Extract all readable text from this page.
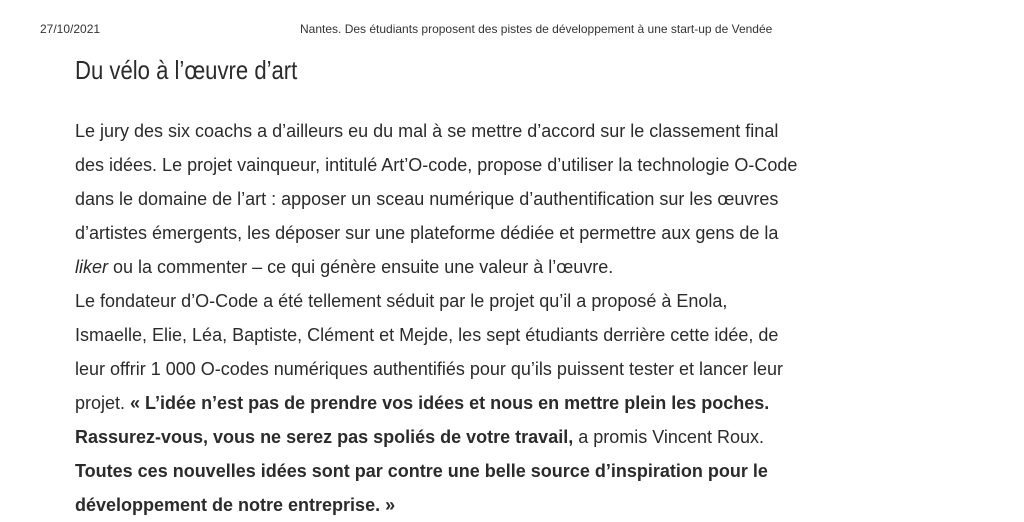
27/10/2021	Nantes. Des étudiants proposent des pistes de développement à une start-up de Vendée
Du vélo à l’œuvre d’art
Le jury des six coachs a d’ailleurs eu du mal à se mettre d’accord sur le classement final
des idées. Le projet vainqueur, intitulé Art’O-code, propose d’utiliser la technologie O-Code
dans le domaine de l’art : apposer un sceau numérique d’authentification sur les œuvres
d’artistes émergents, les déposer sur une plateforme dédiée et permettre aux gens de la
liker ou la commenter – ce qui génère ensuite une valeur à l’œuvre.
Le fondateur d’O-Code a été tellement séduit par le projet qu’il a proposé à Enola,
Ismaelle, Elie, Léa, Baptiste, Clément et Mejde, les sept étudiants derrière cette idée, de
leur offrir 1 000 O-codes numériques authentifiés pour qu’ils puissent tester et lancer leur
projet. « L’idée n’est pas de prendre vos idées et nous en mettre plein les poches.
Rassurez-vous, vous ne serez pas spoliés de votre travail, a promis Vincent Roux.
Toutes ces nouvelles idées sont par contre une belle source d’inspiration pour le
développement de notre entreprise. »
